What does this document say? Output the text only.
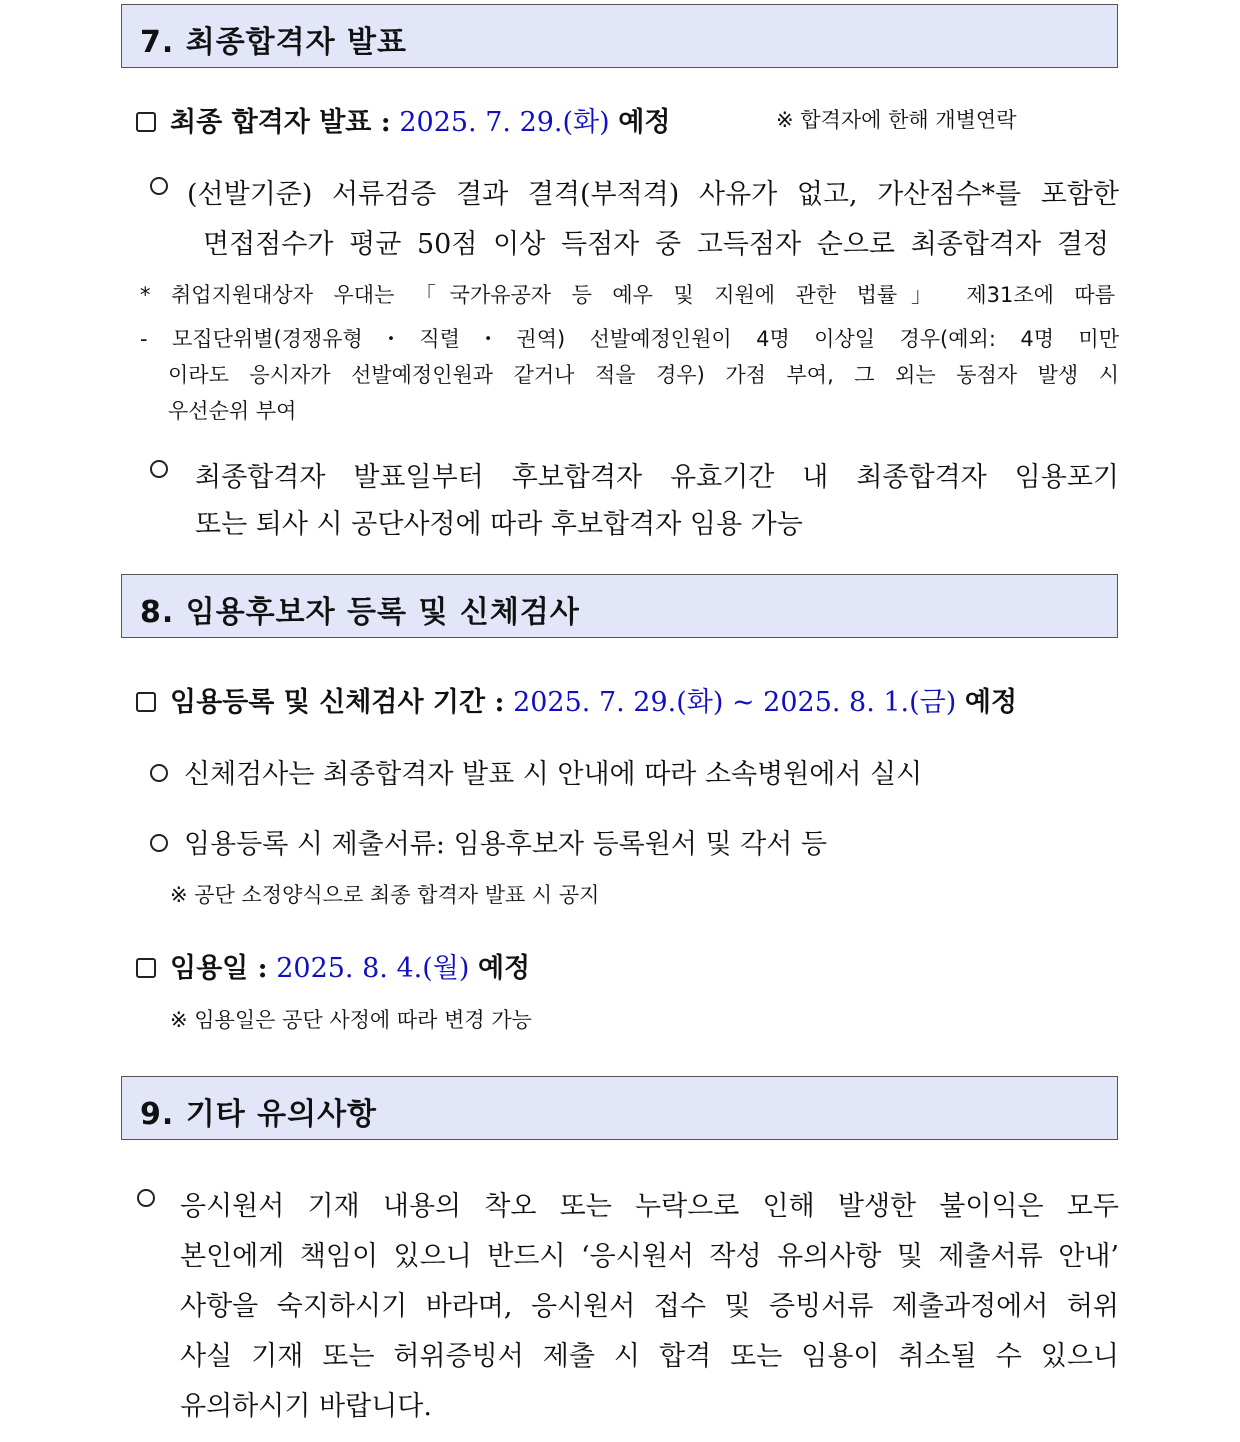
7. 최종합격자 발표
최종 합격자 발표 : 2025. 7. 29.(화) 예정	※ 합격자에 한해 개별연락
(선발기준) 서류검증 결과 결격(부적격) 사유가 없고, 가산점수*를 포함한
면접점수가 평균 50점 이상 득점자 중 고득점자 순으로 최종합격자 결정
* 취업지원대상자 우대는 「국가유공자 등 예우 및 지원에 관한 법률」 제31조에 따름
- 모집단위별(경쟁유형・직렬・권역) 선발예정인원이 4명 이상일 경우(예외: 4명 미만
이라도 응시자가 선발예정인원과 같거나 적을 경우) 가점 부여, 그 외는 동점자 발생 시
우선순위 부여
최종합격자 발표일부터 후보합격자 유효기간 내 최종합격자 임용포기
또는 퇴사 시 공단사정에 따라 후보합격자 임용 가능
8. 임용후보자 등록 및 신체검사
임용등록 및 신체검사 기간 : 2025. 7. 29.(화) ~ 2025. 8. 1.(금) 예정
신체검사는 최종합격자 발표 시 안내에 따라 소속병원에서 실시
임용등록 시 제출서류: 임용후보자 등록원서 및 각서 등
※ 공단 소정양식으로 최종 합격자 발표 시 공지
임용일 : 2025. 8. 4.(월) 예정
※ 임용일은 공단 사정에 따라 변경 가능
9. 기타 유의사항
응시원서 기재 내용의 착오 또는 누락으로 인해 발생한 불이익은 모두
본인에게 책임이 있으니 반드시 ‘응시원서 작성 유의사항 및 제출서류 안내’
사항을 숙지하시기 바라며, 응시원서 접수 및 증빙서류 제출과정에서 허위
사실 기재 또는 허위증빙서 제출 시 합격 또는 임용이 취소될 수 있으니
유의하시기 바랍니다.
